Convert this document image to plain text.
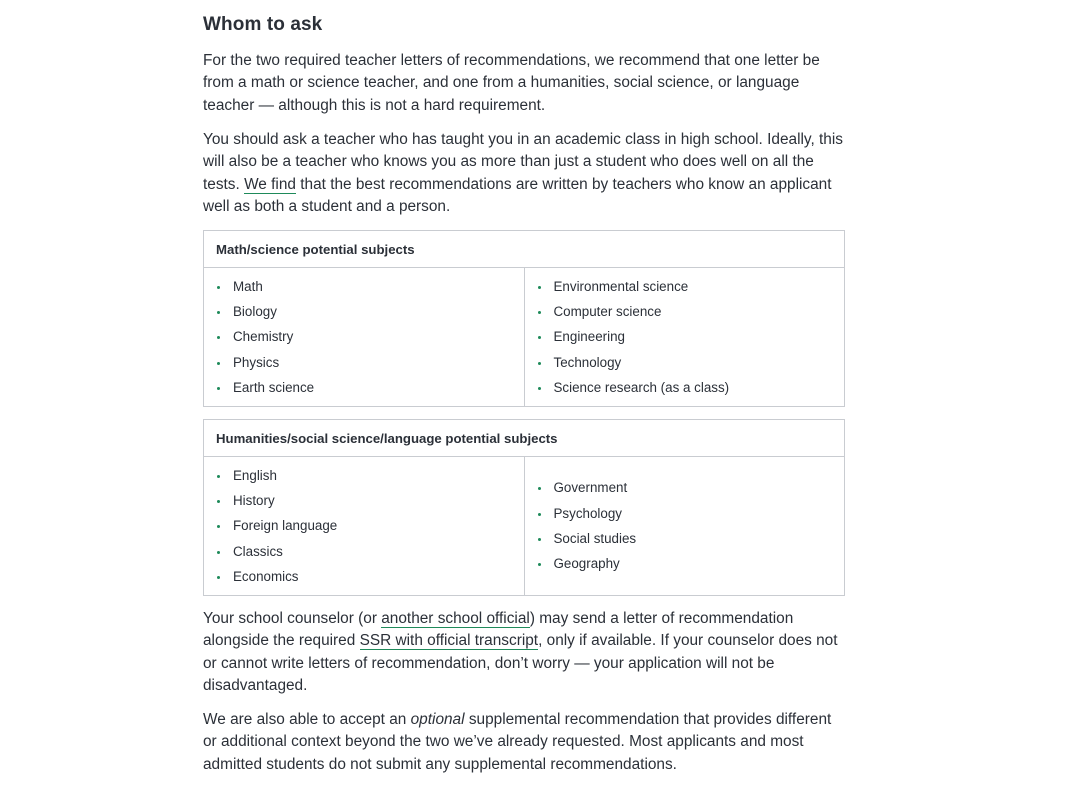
Whom to ask

For the two required teacher letters of recommendations, we recommend that one letter be from a math or science teacher, and one from a humanities, social science, or language teacher — although this is not a hard requirement.

You should ask a teacher who has taught you in an academic class in high school. Ideally, this will also be a teacher who knows you as more than just a student who does well on all the tests. We find that the best recommendations are written by teachers who know an applicant well as both a student and a person.

Math/science potential subjects

Math
Biology
Chemistry
Physics
Earth science

Environmental science
Computer science
Engineering
Technology
Science research (as a class)
Humanities/social science/language potential subjects

English
History
Foreign language
Classics
Economics

Government
Psychology
Social studies
Geography

Your school counselor (or another school official) may send a letter of recommendation alongside the required SSR with official transcript, only if available. If your counselor does not or cannot write letters of recommendation, don’t worry — your application will not be disadvantaged.

We are also able to accept an optional supplemental recommendation that provides different or additional context beyond the two we’ve already requested. Most applicants and most admitted students do not submit any supplemental recommendations.
